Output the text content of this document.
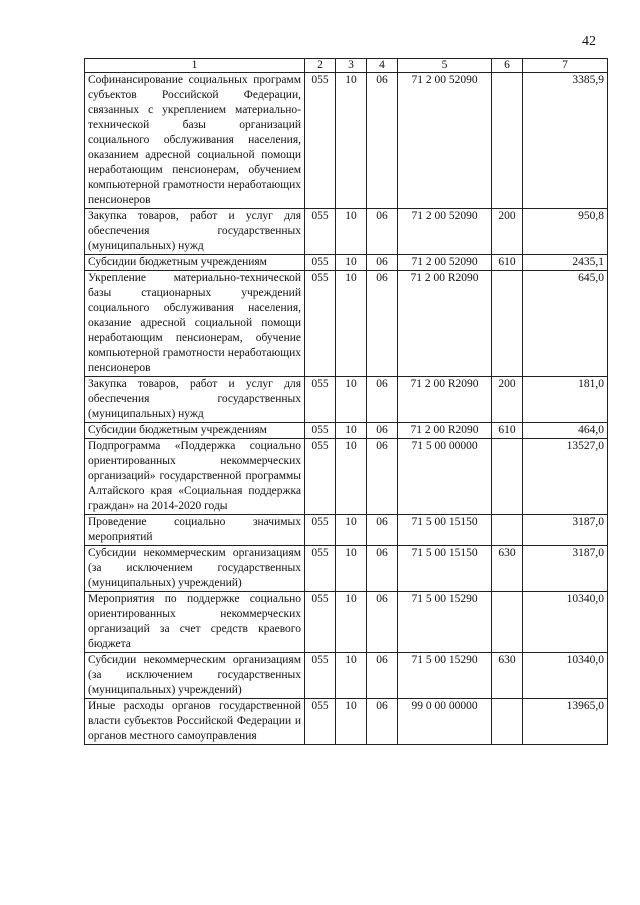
42
1	2	3	4	5	6	7
Софинансирование социальных программ субъектов Российской Федерации, связанных с укреплением материально-технической базы организаций социального обслуживания населения, оказанием адресной социальной помощи неработающим пенсионерам, обучением компьютерной грамотности неработающих пенсионеров	055	10	06	71 2 00 52090		3385,9
Закупка товаров, работ и услуг для обеспечения государственных (муниципальных) нужд	055	10	06	71 2 00 52090	200	950,8
Субсидии бюджетным учреждениям	055	10	06	71 2 00 52090	610	2435,1
Укрепление материально-технической базы стационарных учреждений социального обслуживания населения, оказание адресной социальной помощи неработающим пенсионерам, обучение компьютерной грамотности неработающих пенсионеров	055	10	06	71 2 00 R2090		645,0
Закупка товаров, работ и услуг для обеспечения государственных (муниципальных) нужд	055	10	06	71 2 00 R2090	200	181,0
Субсидии бюджетным учреждениям	055	10	06	71 2 00 R2090	610	464,0
Подпрограмма «Поддержка социально ориентированных некоммерческих организаций» государственной программы Алтайского края «Социальная поддержка граждан» на 2014-2020 годы	055	10	06	71 5 00 00000		13527,0
Проведение социально значимых мероприятий	055	10	06	71 5 00 15150		3187,0
Субсидии некоммерческим организациям (за исключением государственных (муниципальных) учреждений)	055	10	06	71 5 00 15150	630	3187,0
Мероприятия по поддержке социально ориентированных некоммерческих организаций за счет средств краевого бюджета	055	10	06	71 5 00 15290		10340,0
Субсидии некоммерческим организациям (за исключением государственных (муниципальных) учреждений)	055	10	06	71 5 00 15290	630	10340,0
Иные расходы органов государственной власти субъектов Российской Федерации и органов местного самоуправления	055	10	06	99 0 00 00000		13965,0
